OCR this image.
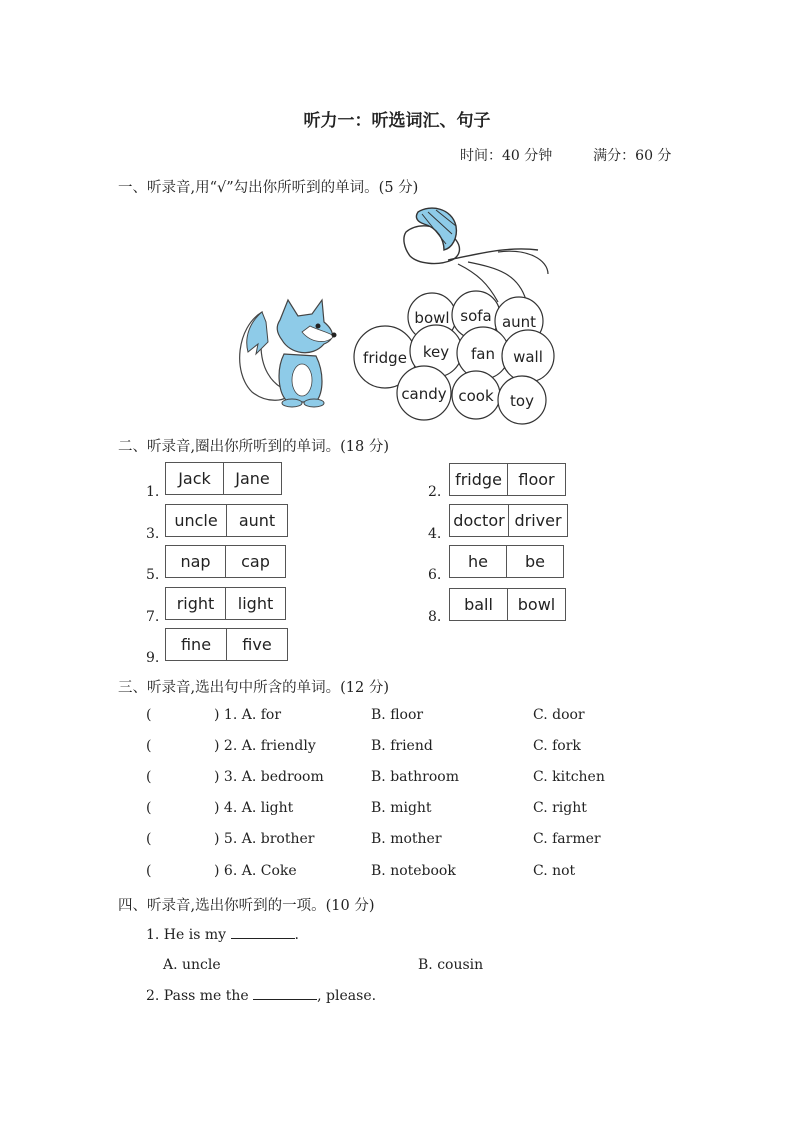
听力一：听选词汇、句子
时间：40 分钟	满分：60 分
一、听录音,用“√”勾出你所听到的单词。(5 分)
bowl sofa aunt
fridge key fan wall
candy cook toy
二、听录音,圈出你所听到的单词。(18 分)
1.
Jack	Jane
3.
uncle	aunt
5.
nap	cap
7.
right	light
9.
fine	five
2.
fridge	floor
4.
doctor driver
6.
he	be
8.
ball	bowl
三、听录音,选出句中所含的单词。(12 分)
(	) 1. A. for	B. floor	C. door
(	) 2. A. friendly	B. friend	C. fork
(	) 3. A. bedroom	B. bathroom	C. kitchen
(	) 4. A. light	B. might	C. right
(	) 5. A. brother	B. mother	C. farmer
(	) 6. A. Coke	B. notebook	C. not
四、听录音,选出你听到的一项。(10 分)
1. He is my	.
A. uncle	B. cousin
2. Pass me the	, please.
